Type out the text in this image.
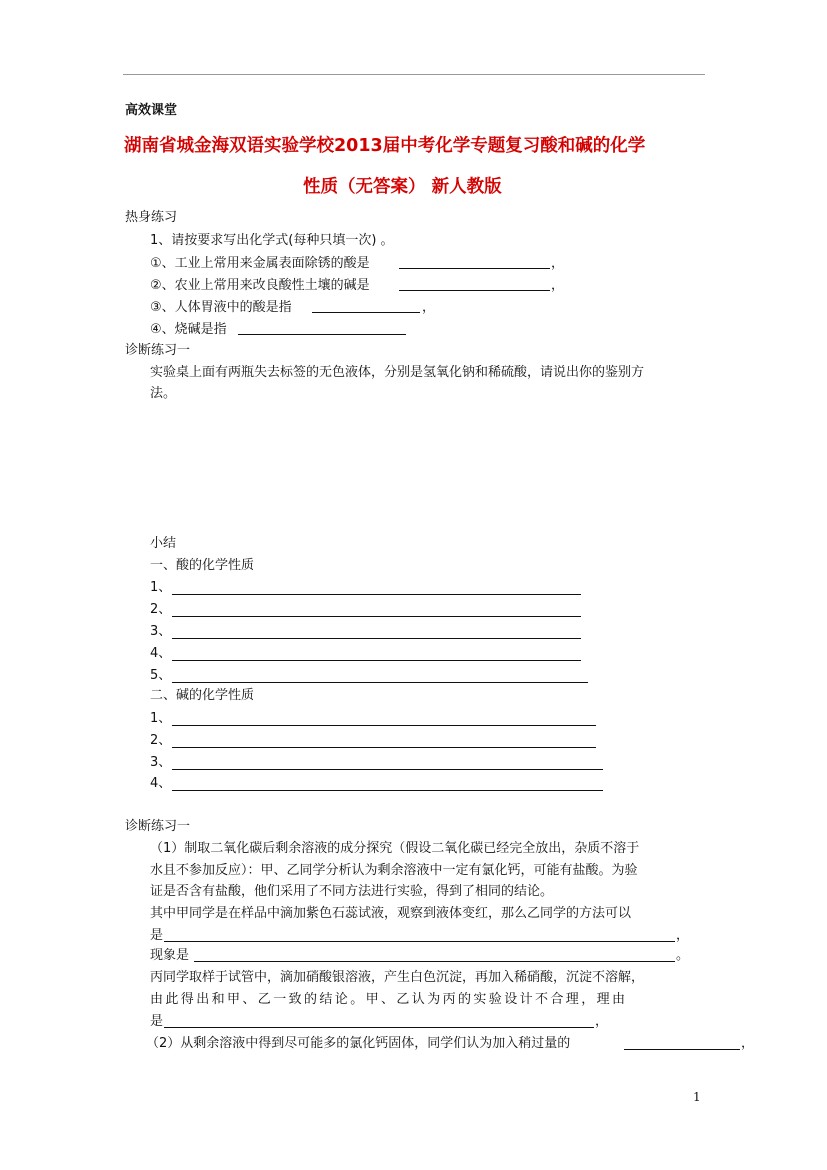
高效课堂
湖南省城金海双语实验学校2013届中考化学专题复习酸和碱的化学
性质（无答案） 新人教版
热身练习
1、请按要求写出化学式(每种只填一次) 。
①、工业上常用来金属表面除锈的酸是	，
②、农业上常用来改良酸性土壤的碱是	，
③、人体胃液中的酸是指	，
④、烧碱是指
诊断练习一
实验桌上面有两瓶失去标签的无色液体，分别是氢氧化钠和稀硫酸，请说出你的鉴别方
法。
小结
一、酸的化学性质
1、
2、
3、
4、
5、
二、碱的化学性质
1、
2、
3、
4、
诊断练习一
（1）制取二氧化碳后剩余溶液的成分探究（假设二氧化碳已经完全放出，杂质不溶于
水且不参加反应）：甲、乙同学分析认为剩余溶液中一定有氯化钙，可能有盐酸。为验
证是否含有盐酸，他们采用了不同方法进行实验，得到了相同的结论。
其中甲同学是在样品中滴加紫色石蕊试液，观察到液体变红，那么乙同学的方法可以
是	，
现象是	。
丙同学取样于试管中，滴加硝酸银溶液，产生白色沉淀，再加入稀硝酸，沉淀不溶解，
由此得出和甲、乙一致的结论。甲、乙认为丙的实验设计不合理，理由
是	，
（2）从剩余溶液中得到尽可能多的氯化钙固体，同学们认为加入稍过量的	，
1
